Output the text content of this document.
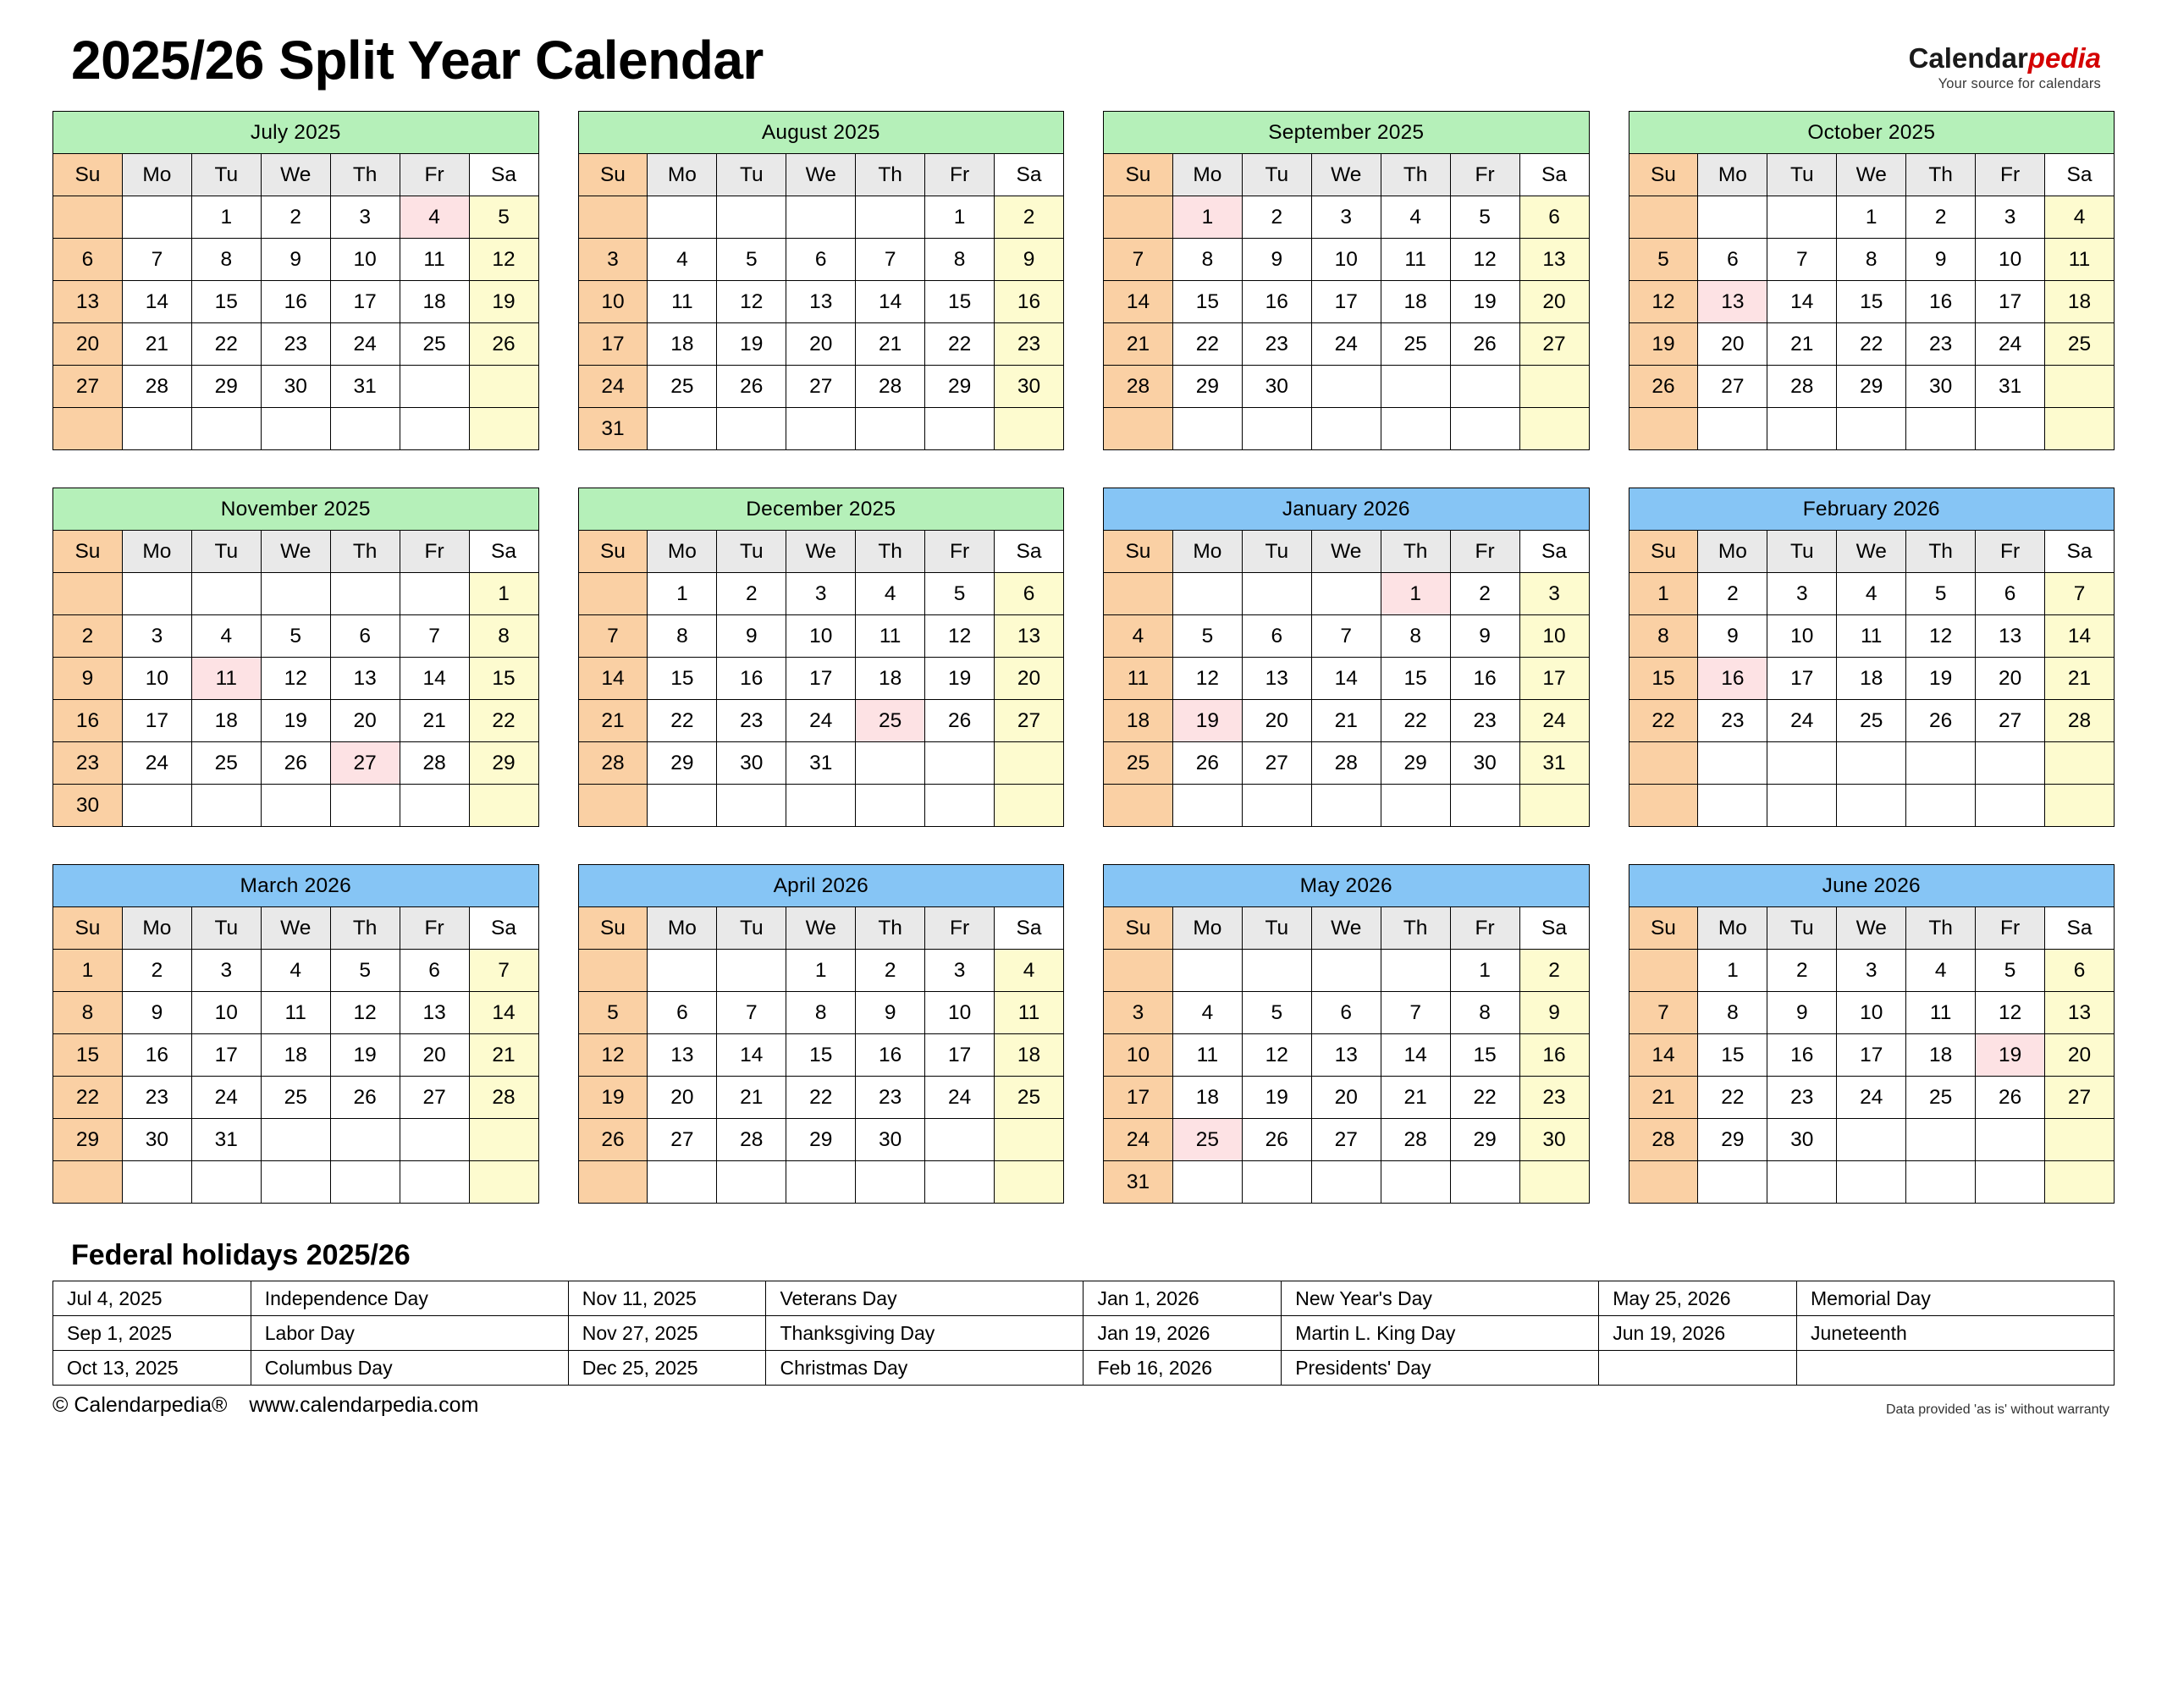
2025/26 Split Year Calendar	Calendarpedia
Your source for calendars
July 2025						
Su	Mo	Tu	We	Th	Fr	Sa
		1	2	3	4	5
6	7	8	9	10	11	12
13	14	15	16	17	18	19
20	21	22	23	24	25	26
27	28	29	30	31		

August 2025						
Su	Mo	Tu	We	Th	Fr	Sa
					1	2
3	4	5	6	7	8	9
10	11	12	13	14	15	16
17	18	19	20	21	22	23
24	25	26	27	28	29	30
31						
September 2025						
Su	Mo	Tu	We	Th	Fr	Sa
	1	2	3	4	5	6
7	8	9	10	11	12	13
14	15	16	17	18	19	20
21	22	23	24	25	26	27
28	29	30				

October 2025						
Su	Mo	Tu	We	Th	Fr	Sa
			1	2	3	4
5	6	7	8	9	10	11
12	13	14	15	16	17	18
19	20	21	22	23	24	25
26	27	28	29	30	31	

November 2025						
Su	Mo	Tu	We	Th	Fr	Sa
						1
2	3	4	5	6	7	8
9	10	11	12	13	14	15
16	17	18	19	20	21	22
23	24	25	26	27	28	29
30						
December 2025						
Su	Mo	Tu	We	Th	Fr	Sa
	1	2	3	4	5	6
7	8	9	10	11	12	13
14	15	16	17	18	19	20
21	22	23	24	25	26	27
28	29	30	31			

January 2026						
Su	Mo	Tu	We	Th	Fr	Sa
				1	2	3
4	5	6	7	8	9	10
11	12	13	14	15	16	17
18	19	20	21	22	23	24
25	26	27	28	29	30	31

February 2026						
Su	Mo	Tu	We	Th	Fr	Sa
1	2	3	4	5	6	7
8	9	10	11	12	13	14
15	16	17	18	19	20	21
22	23	24	25	26	27	28

March 2026						
Su	Mo	Tu	We	Th	Fr	Sa
1	2	3	4	5	6	7
8	9	10	11	12	13	14
15	16	17	18	19	20	21
22	23	24	25	26	27	28
29	30	31				

April 2026						
Su	Mo	Tu	We	Th	Fr	Sa
			1	2	3	4
5	6	7	8	9	10	11
12	13	14	15	16	17	18
19	20	21	22	23	24	25
26	27	28	29	30		

May 2026						
Su	Mo	Tu	We	Th	Fr	Sa
					1	2
3	4	5	6	7	8	9
10	11	12	13	14	15	16
17	18	19	20	21	22	23
24	25	26	27	28	29	30
31						
June 2026						
Su	Mo	Tu	We	Th	Fr	Sa
	1	2	3	4	5	6
7	8	9	10	11	12	13
14	15	16	17	18	19	20
21	22	23	24	25	26	27
28	29	30				

Federal holidays 2025/26
Jul 4, 2025	Independence Day	Nov 11, 2025	Veterans Day	Jan 1, 2026	New Year's Day	May 25, 2026	Memorial Day
Sep 1, 2025	Labor Day	Nov 27, 2025	Thanksgiving Day	Jan 19, 2026	Martin L. King Day	Jun 19, 2026	Juneteenth
Oct 13, 2025	Columbus Day	Dec 25, 2025	Christmas Day	Feb 16, 2026	Presidents' Day		
© Calendarpedia® www.calendarpedia.com	Data provided 'as is' without warranty
